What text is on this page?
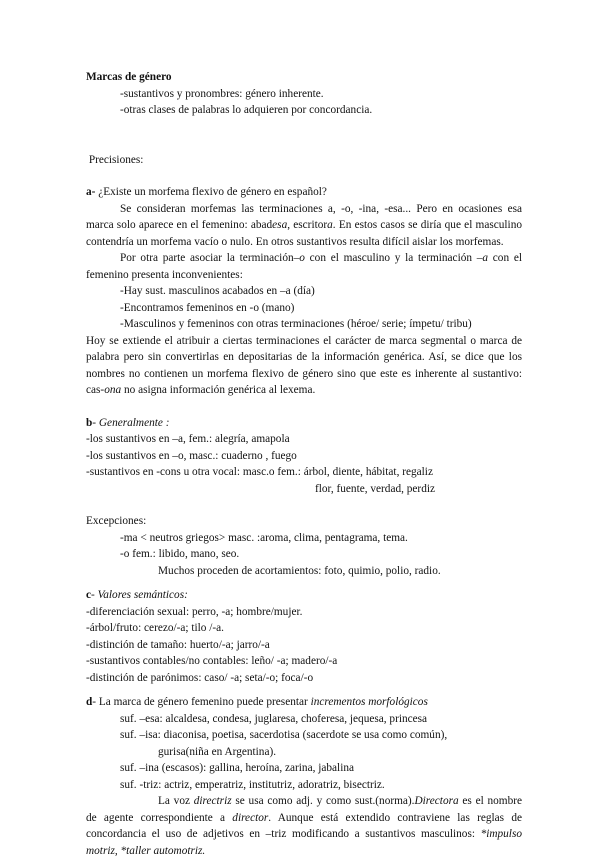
Marcas de género

-sustantivos y pronombres: género inherente.

-otras clases de palabras lo adquieren por concordancia.

Precisiones:

a- ¿Existe un morfema flexivo de género en español?

Se consideran morfemas las terminaciones a, -o, -ina, -esa... Pero en ocasiones esa marca solo aparece en el femenino: abadesa, escritora. En estos casos se diría que el masculino contendría un morfema vacío o nulo. En otros sustantivos resulta difícil aislar los morfemas.

Por otra parte asociar la terminación–o con el masculino y la terminación –a con el femenino presenta inconvenientes:

-Hay sust. masculinos acabados en –a (día)

-Encontramos femeninos en -o (mano)

-Masculinos y femeninos con otras terminaciones (héroe/ serie; ímpetu/ tribu)

Hoy se extiende el atribuir a ciertas terminaciones el carácter de marca segmental o marca de palabra pero sin convertirlas en depositarias de la información genérica. Así, se dice que los nombres no contienen un morfema flexivo de género sino que este es inherente al sustantivo: cas-ona no asigna información genérica al lexema.

b- Generalmente :

-los sustantivos en –a, fem.: alegría, amapola

-los sustantivos en –o, masc.: cuaderno , fuego

-sustantivos en -cons u otra vocal: masc.o fem.: árbol, diente, hábitat, regaliz

flor, fuente, verdad, perdiz

Excepciones:

-ma < neutros griegos> masc. :aroma, clima, pentagrama, tema.

-o fem.: libido, mano, seo.

Muchos proceden de acortamientos: foto, quimio, polio, radio.

c- Valores semánticos:

-diferenciación sexual: perro, -a; hombre/mujer.

-árbol/fruto: cerezo/-a; tilo /-a.

-distinción de tamaño: huerto/-a; jarro/-a

-sustantivos contables/no contables: leño/ -a; madero/-a

-distinción de parónimos: caso/ -a; seta/-o; foca/-o

d- La marca de género femenino puede presentar incrementos morfológicos

suf. –esa: alcaldesa, condesa, juglaresa, choferesa, jequesa, princesa

suf. –isa: diaconisa, poetisa, sacerdotisa (sacerdote se usa como común),

gurisa(niña en Argentina).

suf. –ina (escasos): gallina, heroína, zarina, jabalina

suf. -triz: actriz, emperatriz, institutriz, adoratriz, bisectriz.

La voz directriz se usa como adj. y como sust.(norma).Directora es el nombre de agente correspondiente a director. Aunque está extendido contraviene las reglas de concordancia el uso de adjetivos en –triz modificando a sustantivos masculinos: *impulso motriz, *taller automotriz.
